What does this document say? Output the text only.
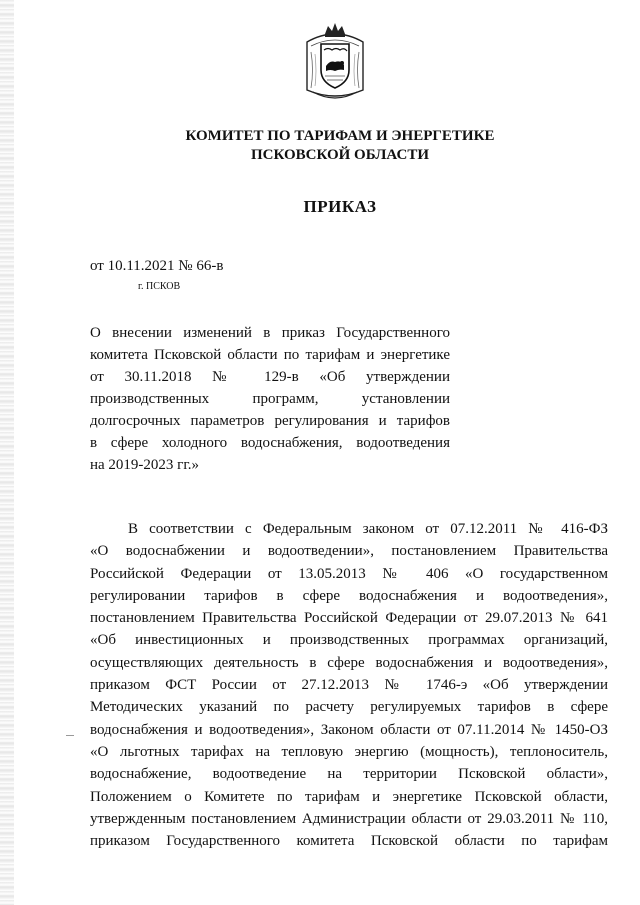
КОМИТЕТ ПО ТАРИФАМ И ЭНЕРГЕТИКЕ
ПСКОВСКОЙ ОБЛАСТИ
ПРИКАЗ
от 10.11.2021 № 66-в
г. ПСКОВ
О внесении изменений в приказ Государственного
комитета Псковской области по тарифам и энергетике
от 30.11.2018 № 129-в «Об утверждении
производственных программ, установлении
долгосрочных параметров регулирования и тарифов
в сфере холодного водоснабжения, водоотведения
на 2019-2023 гг.»
В соответствии с Федеральным законом от 07.12.2011 № 416-ФЗ
«О водоснабжении и водоотведении», постановлением Правительства
Российской Федерации от 13.05.2013 № 406 «О государственном
регулировании тарифов в сфере водоснабжения и водоотведения»,
постановлением Правительства Российской Федерации от 29.07.2013 № 641
«Об инвестиционных и производственных программах организаций,
осуществляющих деятельность в сфере водоснабжения и водоотведения»,
приказом ФСТ России от 27.12.2013 № 1746-э «Об утверждении
Методических указаний по расчету регулируемых тарифов в сфере
водоснабжения и водоотведения», Законом области от 07.11.2014 № 1450-ОЗ
«О льготных тарифах на тепловую энергию (мощность), теплоноситель,
водоснабжение, водоотведение на территории Псковской области»,
Положением о Комитете по тарифам и энергетике Псковской области,
утвержденным постановлением Администрации области от 29.03.2011 № 110,
приказом Государственного комитета Псковской области по тарифам
